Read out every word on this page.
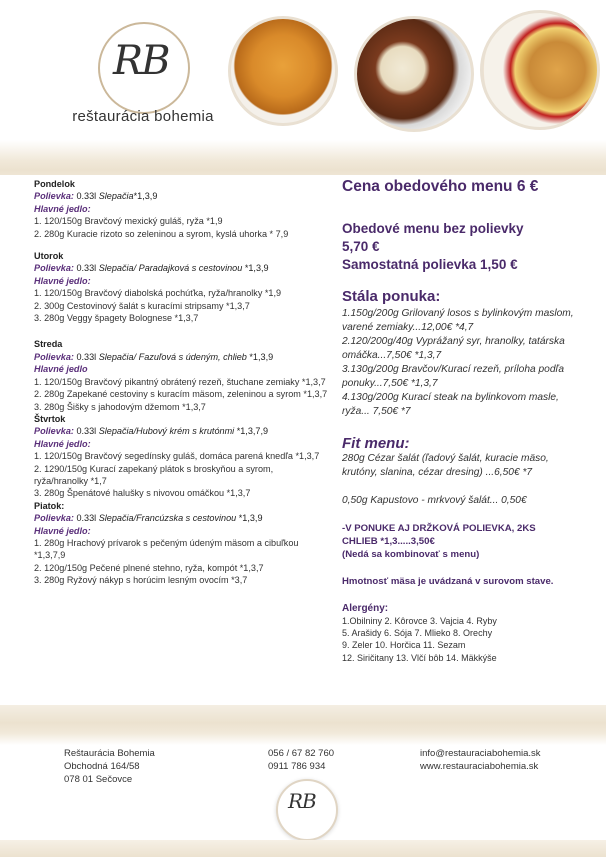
RB
reštaurácia bohemia

Pondelok

Polievka: 0.33l Slepačia*1,3,9

Hlavné jedlo:

1. 120/150g Bravčový mexický guláš, ryža *1,9

2. 280g Kuracie rizoto so zeleninou a syrom, kyslá uhorka * 7,9

Utorok

Polievka: 0.33l Slepačia/ Paradajková s cestovinou *1,3,9

Hlavné jedlo:

1. 120/150g Bravčový diabolská pochúťka, ryža/hranolky *1,9

2. 300g Cestovinový šalát s kuracími stripsamy *1,3,7

3. 280g Veggy špagety Bolognese *1,3,7

Streda

Polievka: 0.33l Slepačia/ Fazuľová s údeným, chlieb *1,3,9

Hlavné jedlo

1. 120/150g Bravčový pikantný obrátený rezeň, štuchane zemiaky *1,3,7

2. 280g Zapekané cestoviny s kuracím mäsom, zeleninou a syrom *1,3,7

3. 280g Šišky s jahodovým džemom *1,3,7

Štvrtok

Polievka: 0.33l Slepačia/Hubový krém s krutónmi *1,3,7,9

Hlavné jedlo:

1. 120/150g Bravčový segedínsky guláš, domáca parená knedľa *1,3,7

2. 1290/150g Kurací zapekaný plátok s broskyňou a syrom, ryža/hranolky *1,7

3. 280g Špenátové halušky s nivovou omáčkou *1,3,7

Piatok:

Polievka: 0.33l Slepačia/Francúzska s cestovinou *1,3,9

Hlavné jedlo:

1. 280g Hrachový prívarok s pečeným údeným mäsom a cibuľkou *1,3,7,9

2. 120g/150g Pečené plnené stehno, ryža, kompót *1,3,7

3. 280g Ryžový nákyp s horúcim lesným ovocím *3,7

Cena obedového menu 6 €

Obedové menu bez polievky

5,70 €

Samostatná polievka 1,50 €

Stála ponuka:

1.150g/200g Grilovaný losos s bylinkovým maslom, varené zemiaky...12,00€ *4,7

2.120/200g/40g Vyprážaný syr, hranolky, tatárska omáčka...7,50€ *1,3,7

3.130g/200g Bravčov/Kurací rezeň, príloha podľa ponuky...7,50€ *1,3,7

4.130g/200g Kurací steak na bylinkovom masle, ryža... 7,50€ *7

Fit menu:

280g Cézar šalát (ľadový šalát, kuracie mäso, krutóny, slanina, cézar dresing) ...6,50€ *7

0,50g Kapustovo - mrkvový šalát... 0,50€

-V PONUKE AJ DRŽKOVÁ POLIEVKA, 2KS CHLIEB *1,3.....3,50€

(Nedá sa kombinovať s menu)

Hmotnosť mäsa je uvádzaná v surovom stave.

Alergény:

1.Obilniny 2. Kôrovce 3. Vajcia 4. Ryby

5. Arašidy 6. Sója 7. Mlieko 8. Orechy

9. Zeler 10. Horčica 11. Sezam

12. Siričitany 13. Vlčí bôb 14. Mäkkýše

Reštaurácia Bohemia
Obchodná 164/58
078 01 Sečovce
056 / 67 82 760
0911 786 934
info@restauraciabohemia.sk
www.restauraciabohemia.sk
RB
